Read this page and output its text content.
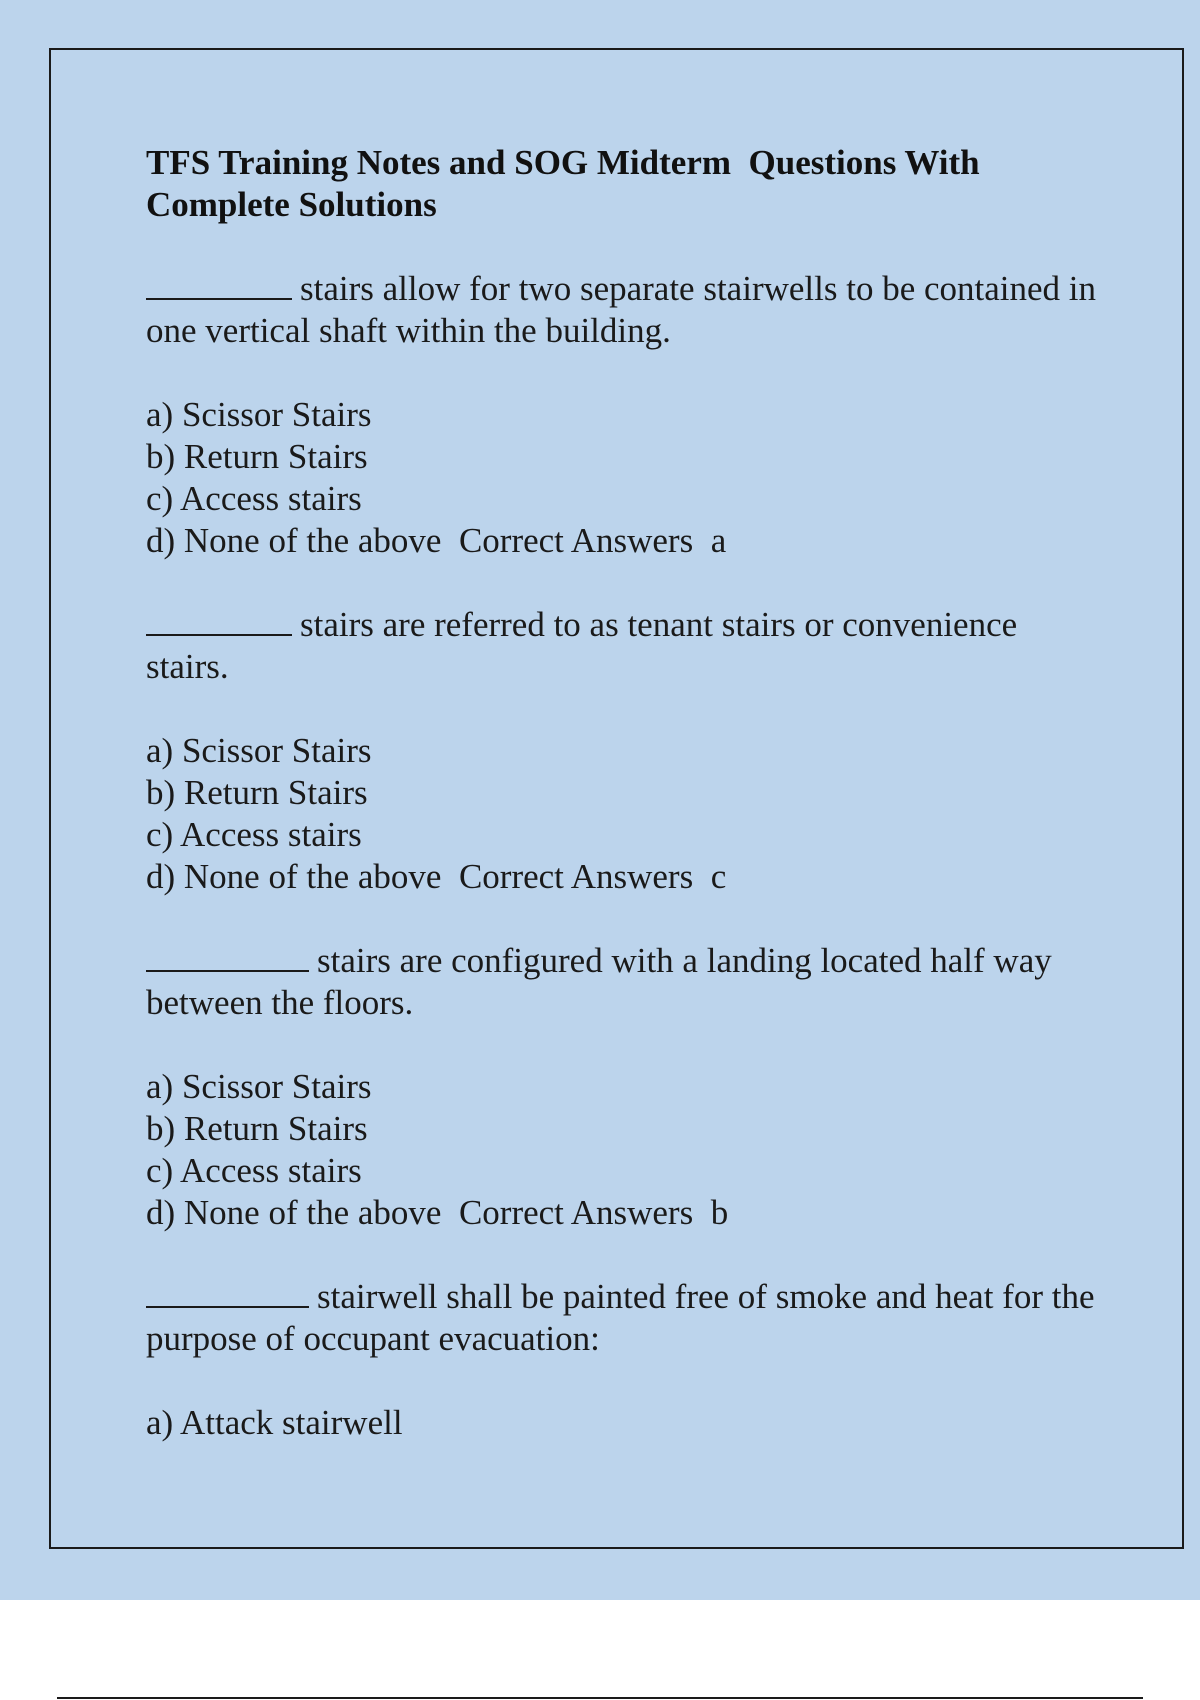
TFS Training Notes and SOG Midterm  Questions With Complete Solutions

stairs allow for two separate stairwells to be contained in one vertical shaft within the building.

a) Scissor Stairs
b) Return Stairs
c) Access stairs
d) None of the above Correct Answers a

stairs are referred to as tenant stairs or convenience stairs.

a) Scissor Stairs
b) Return Stairs
c) Access stairs
d) None of the above Correct Answers c

stairs are configured with a landing located half way between the floors.

a) Scissor Stairs
b) Return Stairs
c) Access stairs
d) None of the above Correct Answers b

stairwell shall be painted free of smoke and heat for the purpose of occupant evacuation:

a) Attack stairwell
